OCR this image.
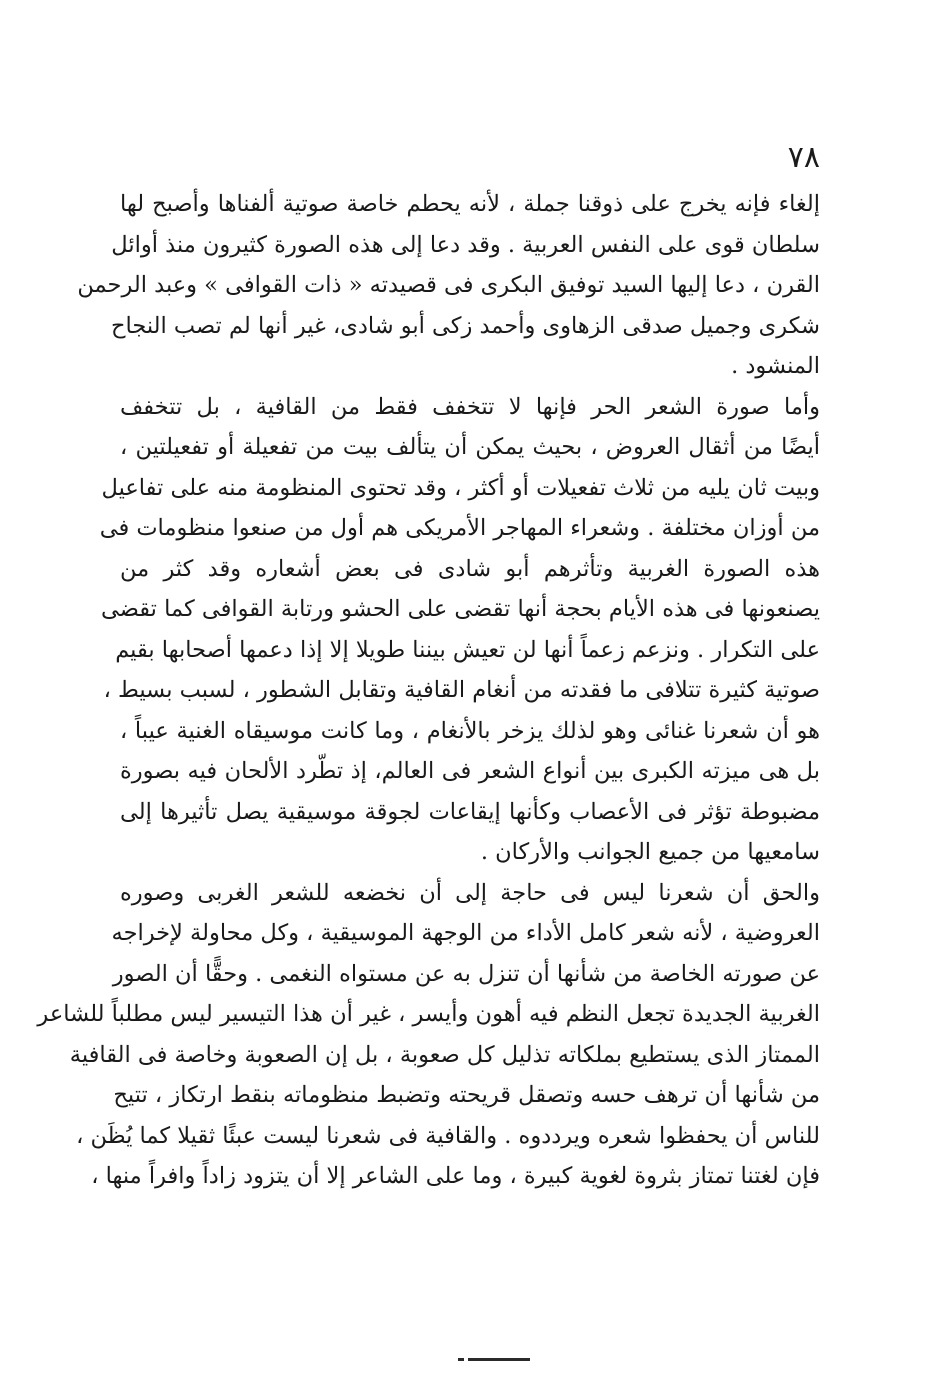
٧٨
إلغاء فإنه يخرج على ذوقنا جملة ، لأنه يحطم خاصة صوتية ألفناها وأصبح لها
سلطان قوى على النفس العربية . وقد دعا إلى هذه الصورة كثيرون منذ أوائل
القرن ، دعا إليها السيد توفيق البكرى فى قصيدته « ذات القوافى » وعبد الرحمن
شكرى وجميل صدقى الزهاوى وأحمد زكى أبو شادى، غير أنها لم تصب النجاح
المنشود .
وأما صورة الشعر الحر فإنها لا تتخفف فقط من القافية ، بل تتخفف
أيضًا من أثقال العروض ، بحيث يمكن أن يتألف بيت من تفعيلة أو تفعيلتين ،
وبيت ثان يليه من ثلاث تفعيلات أو أكثر ، وقد تحتوى المنظومة منه على تفاعيل
من أوزان مختلفة . وشعراء المهاجر الأمريكى هم أول من صنعوا منظومات فى
هذه الصورة الغربية وتأثرهم أبو شادى فى بعض أشعاره وقد كثر من
يصنعونها فى هذه الأيام بحجة أنها تقضى على الحشو ورتابة القوافى كما تقضى
على التكرار . ونزعم زعماً أنها لن تعيش بيننا طويلا إلا إذا دعمها أصحابها بقيم
صوتية كثيرة تتلافى ما فقدته من أنغام القافية وتقابل الشطور ، لسبب بسيط ،
هو أن شعرنا غنائى وهو لذلك يزخر بالأنغام ، وما كانت موسيقاه الغنية عيباً ،
بل هى ميزته الكبرى بين أنواع الشعر فى العالم، إذ تطّرد الألحان فيه بصورة
مضبوطة تؤثر فى الأعصاب وكأنها إيقاعات لجوقة موسيقية يصل تأثيرها إلى
سامعيها من جميع الجوانب والأركان .
والحق أن شعرنا ليس فى حاجة إلى أن نخضعه للشعر الغربى وصوره
العروضية ، لأنه شعر كامل الأداء من الوجهة الموسيقية ، وكل محاولة لإخراجه
عن صورته الخاصة من شأنها أن تنزل به عن مستواه النغمى . وحقًّا أن الصور
الغربية الجديدة تجعل النظم فيه أهون وأيسر ، غير أن هذا التيسير ليس مطلباً للشاعر
الممتاز الذى يستطيع بملكاته تذليل كل صعوبة ، بل إن الصعوبة وخاصة فى القافية
من شأنها أن ترهف حسه وتصقل قريحته وتضبط منظوماته بنقط ارتكاز ، تتيح
للناس أن يحفظوا شعره ويرددوه . والقافية فى شعرنا ليست عبئًا ثقيلا كما يُظَن ،
فإن لغتنا تمتاز بثروة لغوية كبيرة ، وما على الشاعر إلا أن يتزود زاداً وافراً منها ،
